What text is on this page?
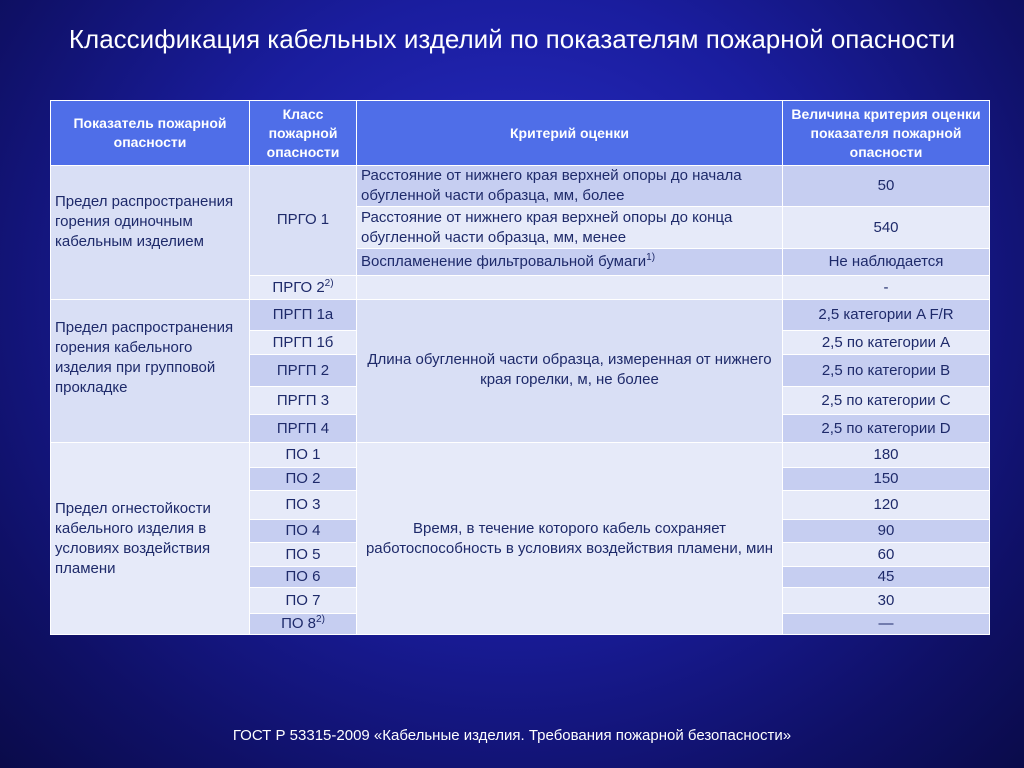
Классификация кабельных изделий по показателям пожарной опасности
Показатель пожарной опасности	Класс пожарной опасности	Критерий оценки	Величина критерия оценки показателя пожарной опасности
Предел распространения горения одиночным кабельным изделием	ПРГО 1	Расстояние от нижнего края верхней опоры до начала обугленной части образца, мм, более	50
		Расстояние от нижнего края верхней опоры до конца обугленной части образца, мм, менее	540
		Воспламенение фильтровальной бумаги$^{1)}$	Не наблюдается
	ПРГО 2$^{2)}$		-
Предел распространения горения кабельного изделия при групповой прокладке	ПРГП 1а	Длина обугленной части образца, измеренная от нижнего края горелки, м, не более	2,5 категории A F/R
	ПРГП 1б		2,5 по категории A
	ПРГП 2		2,5 по категории B
	ПРГП 3		2,5 по категории C
	ПРГП 4		2,5 по категории D
Предел огнестойкости кабельного изделия в условиях воздействия пламени	ПО 1	Время, в течение которого кабель сохраняет работоспособность в условиях воздействия пламени, мин	180
	ПО 2		150
	ПО 3		120
	ПО 4		90
	ПО 5		60
	ПО 6		45
	ПО 7		30
	ПО 8$^{2)}$		—
ГОСТ Р 53315-2009 «Кабельные изделия. Требования пожарной безопасности»
